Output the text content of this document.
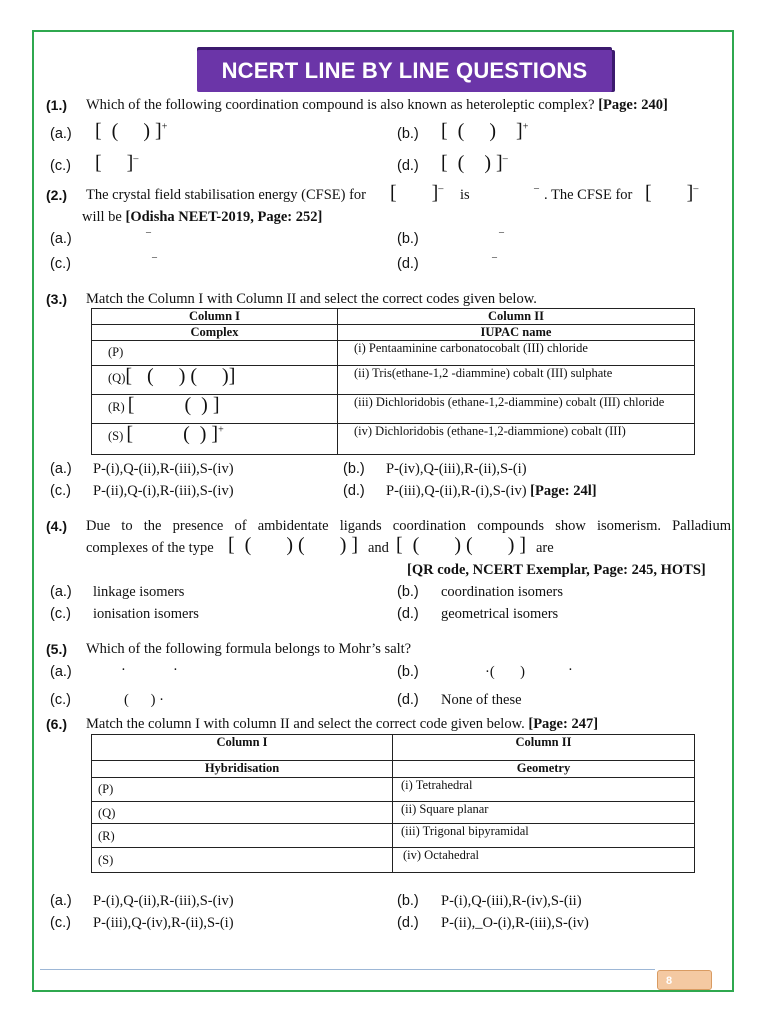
NCERT LINE BY LINE QUESTIONS
(1.) Which of the following coordination compound is also known as heteroleptic complex? [Page: 240]
(a.) [ ( ) ]+	(b.) [ ( ) ]+
(c.) [ ]–	(d.) [ ( ) ]–
(2.) The crystal field stabilisation energy (CFSE) for [ ]– is	– . The CFSE for [ ]–
will be [Odisha NEET-2019, Page: 252]
(a.)	–	(b.)	–
(c.)	–	(d.)	–
(3.) Match the Column I with Column II and select the correct codes given below.
Column I	Column II
Complex	IUPAC name
(P)	(i) Pentaaminine carbonatocobalt (III) chloride
(Q)[ ( ) ( )]	(ii) Tris(ethane-1,2 -diammine) cobalt (III) sulphate
(R) [ ( ) ]	(iii) Dichloridobis (ethane-1,2-diammine) cobalt (III) chloride
(S) [ ( ) ]+	(iv) Dichloridobis (ethane-1,2-diammione) cobalt (III)
(a.) P-(i),Q-(ii),R-(iii),S-(iv)	(b.) P-(iv),Q-(iii),R-(ii),S-(i)
(c.) P-(ii),Q-(i),R-(iii),S-(iv)	(d.) P-(iii),Q-(ii),R-(i),S-(iv) [Page: 24l]
(4.) Due to the presence of ambidentate ligands coordination compounds show isomerism. Palladium
complexes of the type [ ( ) ( ) ] and [ ( ) ( ) ] are
[QR code, NCERT Exemplar, Page: 245, HOTS]
(a.) linkage isomers	(b.) coordination isomers
(c.) ionisation isomers	(d.) geometrical isomers
(5.) Which of the following formula belongs to Mohr’s salt?
(a.)	·	·	(b.)	·( )	·
(c.)	( ) ·	(d.) None of these
(6.) Match the column I with column II and select the correct code given below. [Page: 247]
Column I	Column II
Hybridisation	Geometry
(P)	(i) Tetrahedral
(Q)	(ii) Square planar
(R)	(iii) Trigonal bipyramidal
(S)	(iv) Octahedral
(a.) P-(i),Q-(ii),R-(iii),S-(iv)	(b.) P-(i),Q-(iii),R-(iv),S-(ii)
(c.) P-(iii),Q-(iv),R-(ii),S-(i)	(d.) P-(ii),_O-(i),R-(iii),S-(iv)
8
